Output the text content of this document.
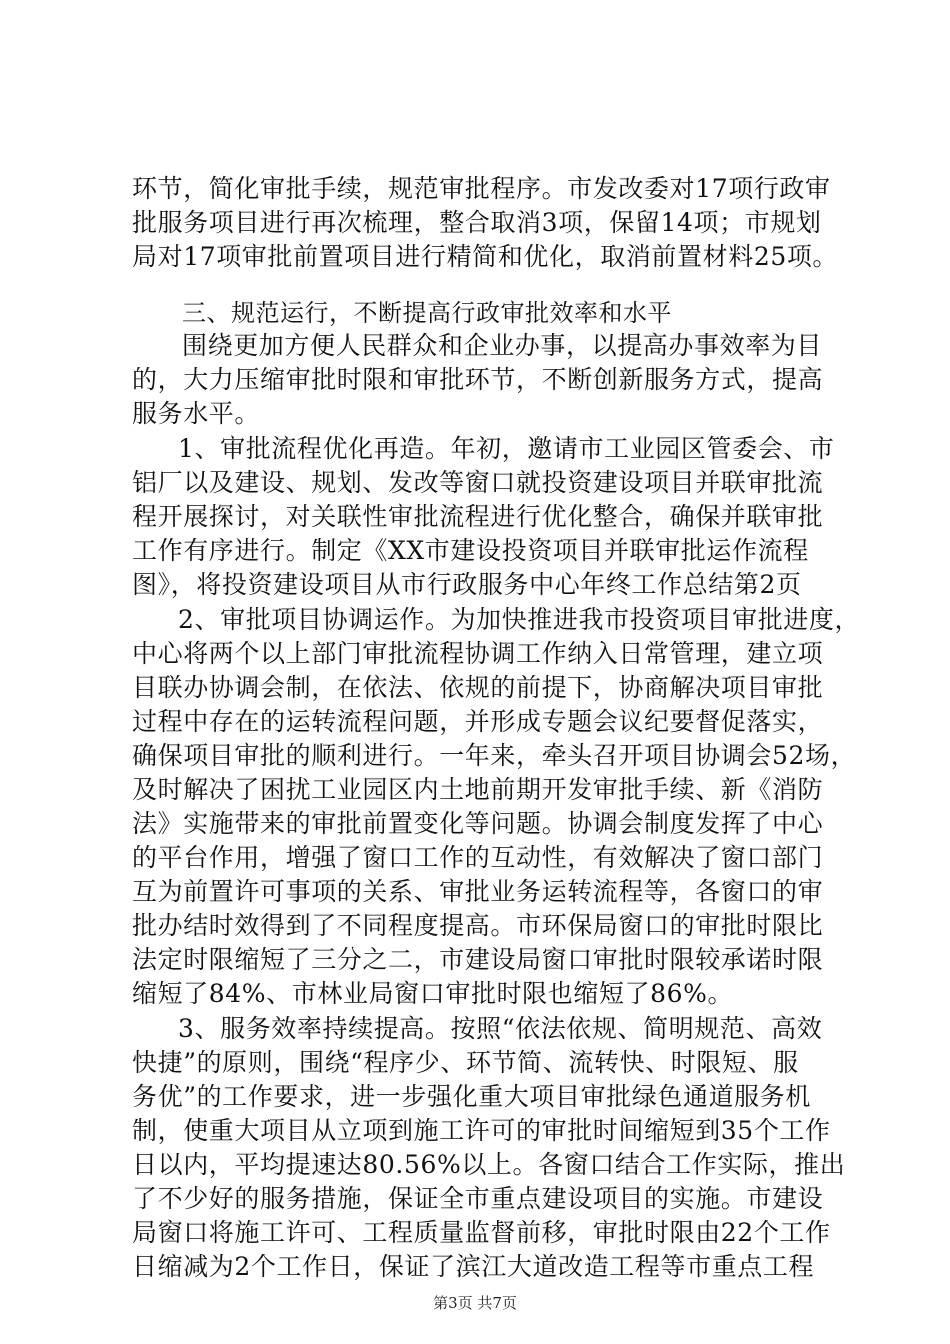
环节，简化审批手续，规范审批程序。市发改委对17项行政审
批服务项目进行再次梳理，整合取消3项，保留14项；市规划
局对17项审批前置项目进行精简和优化，取消前置材料25项。
三、规范运行，不断提高行政审批效率和水平
围绕更加方便人民群众和企业办事，以提高办事效率为目
的，大力压缩审批时限和审批环节，不断创新服务方式，提高
服务水平。
1、审批流程优化再造。年初，邀请市工业园区管委会、市
铝厂以及建设、规划、发改等窗口就投资建设项目并联审批流
程开展探讨，对关联性审批流程进行优化整合，确保并联审批
工作有序进行。制定《XX市建设投资项目并联审批运作流程
图》，将投资建设项目从市行政服务中心年终工作总结第2页
2、审批项目协调运作。为加快推进我市投资项目审批进度，
中心将两个以上部门审批流程协调工作纳入日常管理，建立项
目联办协调会制，在依法、依规的前提下，协商解决项目审批
过程中存在的运转流程问题，并形成专题会议纪要督促落实，
确保项目审批的顺利进行。一年来，牵头召开项目协调会52场，
及时解决了困扰工业园区内土地前期开发审批手续、新《消防
法》实施带来的审批前置变化等问题。协调会制度发挥了中心
的平台作用，增强了窗口工作的互动性，有效解决了窗口部门
互为前置许可事项的关系、审批业务运转流程等，各窗口的审
批办结时效得到了不同程度提高。市环保局窗口的审批时限比
法定时限缩短了三分之二，市建设局窗口审批时限较承诺时限
缩短了84%、市林业局窗口审批时限也缩短了86%。
3、服务效率持续提高。按照“依法依规、简明规范、高效
快捷”的原则，围绕“程序少、环节简、流转快、时限短、服
务优”的工作要求，进一步强化重大项目审批绿色通道服务机
制，使重大项目从立项到施工许可的审批时间缩短到35个工作
日以内，平均提速达80.56%以上。各窗口结合工作实际，推出
了不少好的服务措施，保证全市重点建设项目的实施。市建设
局窗口将施工许可、工程质量监督前移，审批时限由22个工作
日缩减为2个工作日，保证了滨江大道改造工程等市重点工程
第3页 共7页
